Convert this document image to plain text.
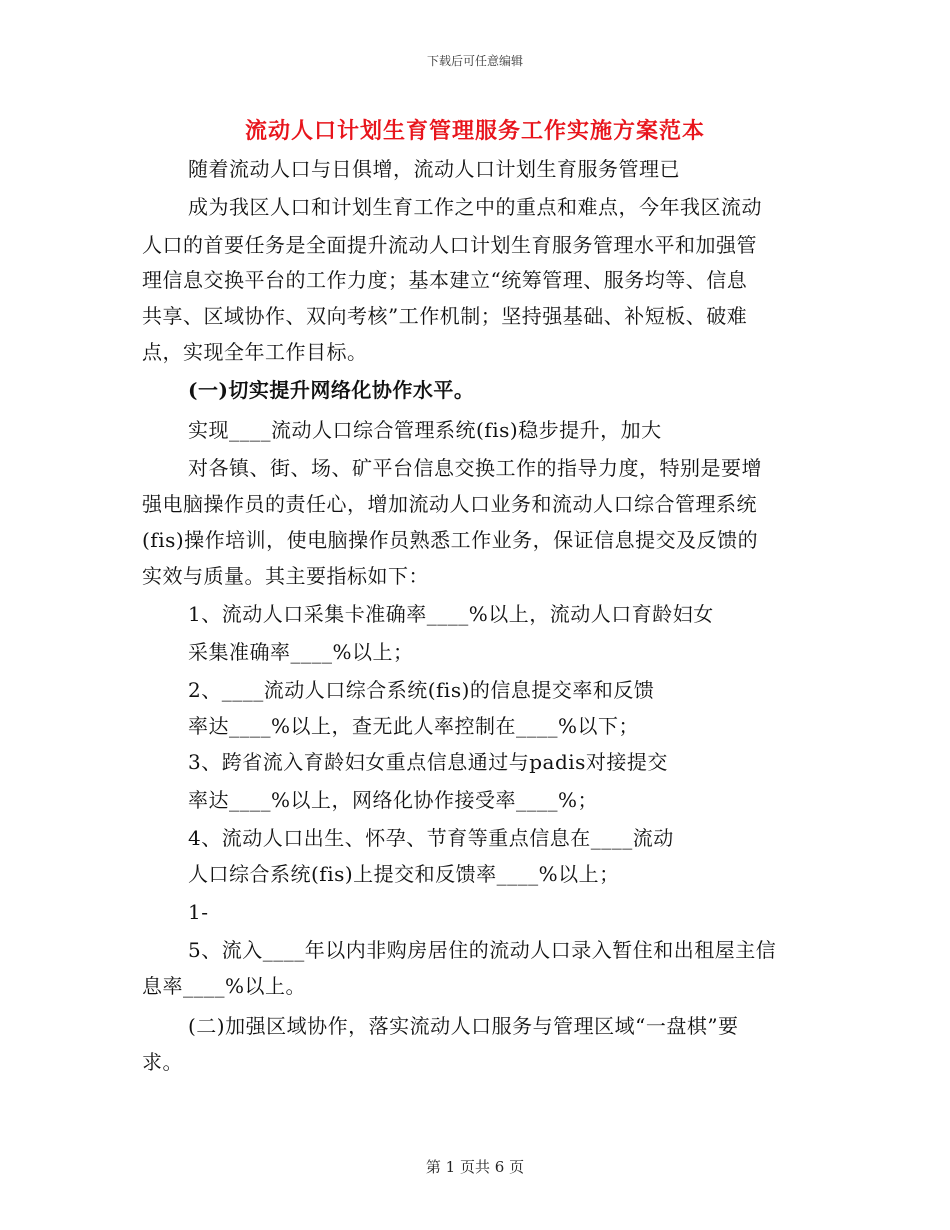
下载后可任意编辑
流动人口计划生育管理服务工作实施方案范本
随着流动人口与日俱增，流动人口计划生育服务管理已
成为我区人口和计划生育工作之中的重点和难点，今年我区流动
人口的首要任务是全面提升流动人口计划生育服务管理水平和加强管
理信息交换平台的工作力度；基本建立“统筹管理、服务均等、信息
共享、区域协作、双向考核”工作机制；坚持强基础、补短板、破难
点，实现全年工作目标。
(一)切实提升网络化协作水平。
实现____流动人口综合管理系统(fis)稳步提升，加大
对各镇、街、场、矿平台信息交换工作的指导力度，特别是要增
强电脑操作员的责任心，增加流动人口业务和流动人口综合管理系统
(fis)操作培训，使电脑操作员熟悉工作业务，保证信息提交及反馈的
实效与质量。其主要指标如下：
1、流动人口采集卡准确率____%以上，流动人口育龄妇女
采集准确率____%以上；
2、____流动人口综合系统(fis)的信息提交率和反馈
率达____%以上，查无此人率控制在____%以下；
3、跨省流入育龄妇女重点信息通过与padis对接提交
率达____%以上，网络化协作接受率____%；
4、流动人口出生、怀孕、节育等重点信息在____流动
人口综合系统(fis)上提交和反馈率____%以上；
1-
5、流入____年以内非购房居住的流动人口录入暂住和出租屋主信
息率____%以上。
(二)加强区域协作，落实流动人口服务与管理区域“一盘棋”要
求。
第 1 页共 6 页
